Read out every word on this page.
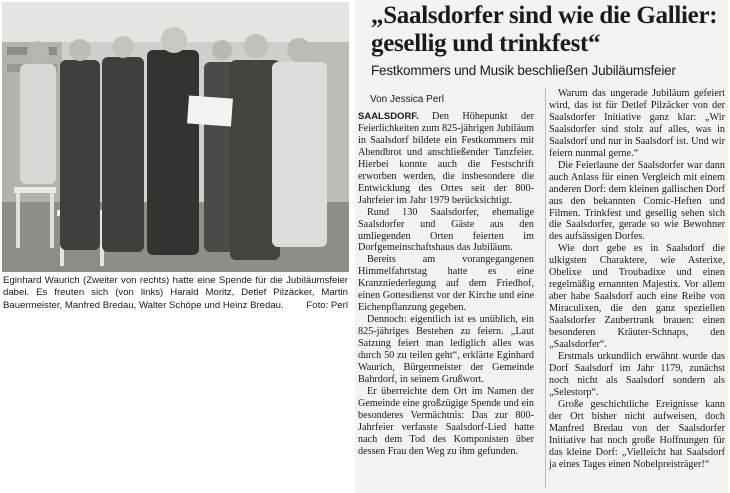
Eginhard Waurich (Zweiter von rechts) hatte eine Spende für die Jubiläumsfeier dabei. Es freuten sich (von links) Harald Moritz, Detlef Pilzäcker, Martin Bauermeister, Manfred Bredau, Walter Schöpe und Heinz Bredau. Foto: Perl
„Saalsdorfer sind wie die Gallier: gesellig und trinkfest“
Festkommers und Musik beschließen Jubiläumsfeier
Von Jessica Perl

SAALSDORF. Den Höhepunkt der Feierlichkeiten zum 825-jährigen Jubiläum in Saalsdorf bildete ein Festkommers mit Abendbrot und anschließender Tanzfeier. Hierbei konnte auch die Festschrift erworben werden, die insbesondere die Entwicklung des Ortes seit der 800-Jahrfeier im Jahr 1979 berücksichtigt.

Rund 130 Saalsdorfer, ehemalige Saalsdorfer und Gäste aus den umliegenden Orten feierten im Dorfgemeinschaftshaus das Jubiläum.

Bereits am vorangegangenen Himmelfahrtstag hatte es eine Kranzniederlegung auf dem Friedhof, einen Gottesdienst vor der Kirche und eine Eichenpflanzung gegeben.

Dennoch: eigentlich ist es unüblich, ein 825-jähriges Bestehen zu feiern. „Laut Satzung feiert man lediglich alles was durch 50 zu teilen geht“, erklärte Eginhard Waurich, Bürgermeister der Gemeinde Bahrdorf, in seinem Grußwort.

Er überreichte dem Ort im Namen der Gemeinde eine großzügige Spende und ein besonderes Vermächtnis: Das zur 800-Jahrfeier verfasste Saalsdorf-Lied hatte nach dem Tod des Komponisten über dessen Frau den Weg zu ihm gefunden.

Warum das ungerade Jubiläum gefeiert wird, das ist für Detlef Pilzäcker von der Saalsdorfer Initiative ganz klar: „Wir Saalsdorfer sind stolz auf alles, was in Saalsdorf und nur in Saalsdorf ist. Und wir feiern nunmal gerne.“

Die Feierlaune der Saalsdorfer war dann auch Anlass für einen Vergleich mit einem anderen Dorf: dem kleinen gallischen Dorf aus den bekannten Comic-Heften und Filmen. Trinkfest und gesellig sehen sich die Saalsdorfer, gerade so wie Bewohner des aufsässigen Dorfes.

Wie dort gebe es in Saalsdorf die ulkigsten Charaktere, wie Asterixe, Obelixe und Troubadixe und einen regelmäßig ernannten Majestix. Vor allem aber habe Saalsdorf auch eine Reihe von Miraculixen, die den ganz speziellen Saalsdorfer Zaubertrank brauen: einen besonderen Kräuter-Schnaps, den „Saalsdorfer“.

Erstmals urkundlich erwähnt wurde das Dorf Saalsdorf im Jahr 1179, zunächst noch nicht als Saalsdorf sondern als „Selestorp“.

Große geschichtliche Ereignisse kann der Ort bisher nicht aufweisen, doch Manfred Bredau von der Saalsdorfer Initiative hat noch große Hoffnungen für das kleine Dorf: „Vielleicht hat Saalsdorf ja eines Tages einen Nobelpreisträger!“
